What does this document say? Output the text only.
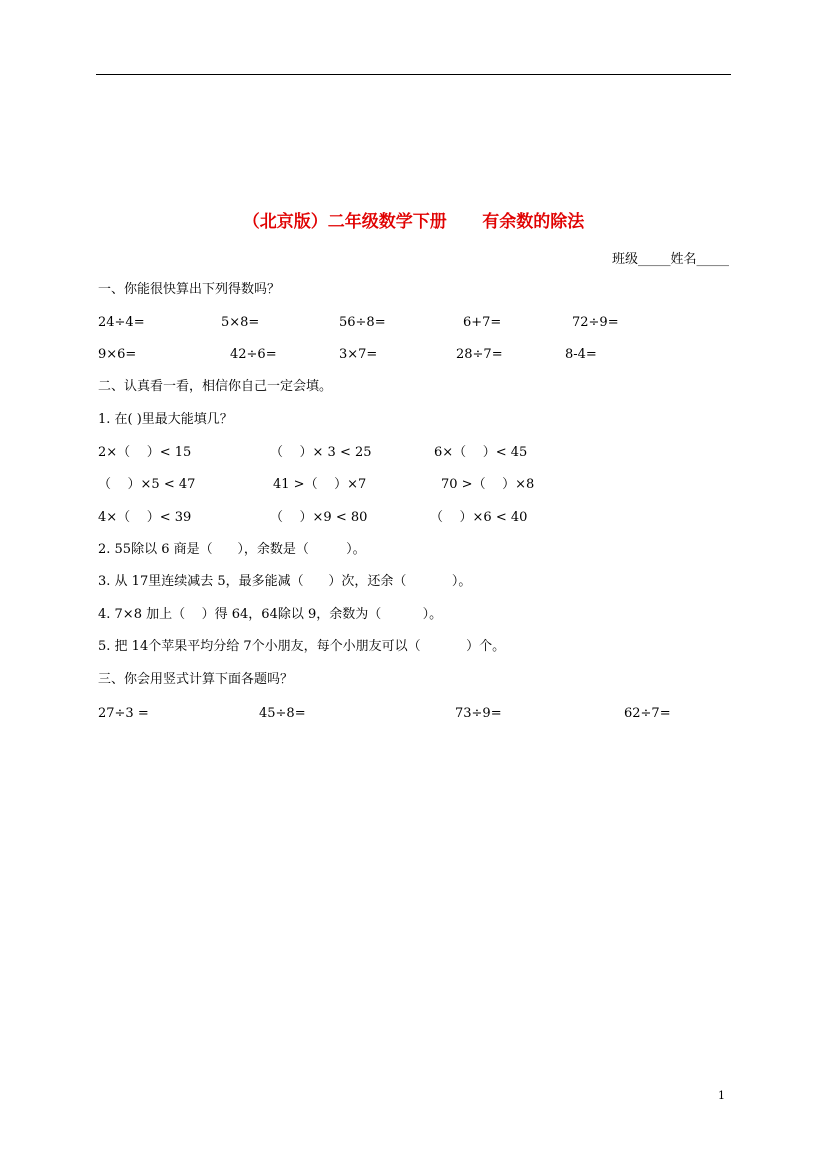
（北京版）二年级数学下册      有余数的除法
班级_____姓名_____
一、你能很快算出下列得数吗？
24÷4=	5×8=	56÷8=	6+7=	72÷9=
9×6=	42÷6=	3×7=	28÷7=	8-4=
二、认真看一看，相信你自己一定会填。
1. 在( )里最大能填几？
2×（    ）< 15	（    ）× 3 < 25	6×（    ）< 45
（    ）×5 < 47	41 >（    ）×7	70 >（    ）×8
4×（    ）< 39	（    ）×9 < 80	（    ）×6 < 40
2. 55除以 6 商是（      ），余数是（         ）。
3. 从 17里连续减去 5，最多能减（      ）次，还余（           ）。
4. 7×8 加上（    ）得 64，64除以 9，余数为（          ）。
5. 把 14个苹果平均分给 7个小朋友，每个小朋友可以（           ）个。
三、你会用竖式计算下面各题吗？
27÷3 =	45÷8=	73÷9=	62÷7=
1
